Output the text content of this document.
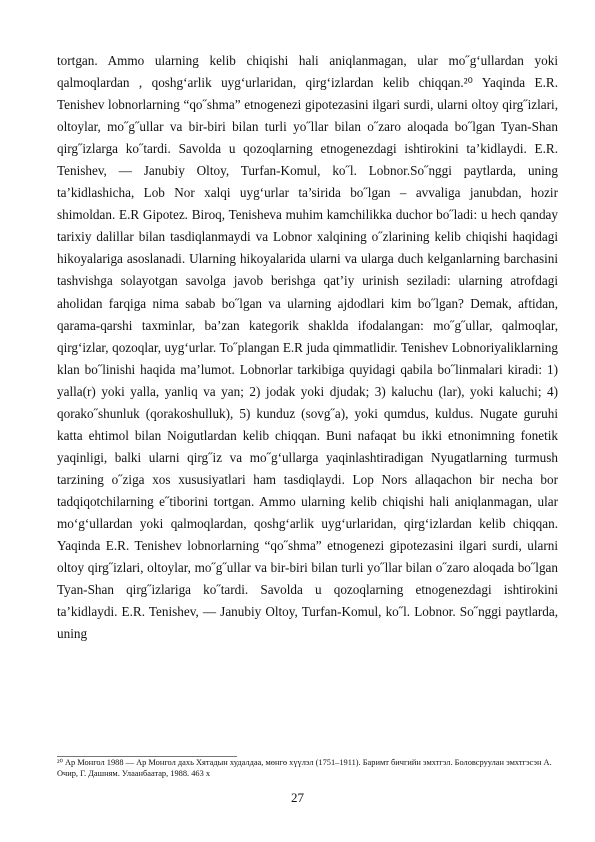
tortgan. Ammo ularning kelib chiqishi hali aniqlanmagan, ular mo˝g‘ullardan yoki qalmoqlardan , qoshg‘arlik uyg‘urlaridan, qirg‘izlardan kelib chiqqan.²⁰ Yaqinda E.R. Tenishev lobnorlarning “qo˝shma” etnogenezi gipotezasini ilgari surdi, ularni oltoy qirg˝izlari, oltoylar, mo˝g˝ullar va bir-biri bilan turli yo˝llar bilan o˝zaro aloqada bo˝lgan Tyan-Shan qirg˝izlarga ko˝tardi. Savolda u qozoqlarning etnogenezdagi ishtirokini ta’kidlaydi. E.R. Tenishev, — Janubiy Oltoy, Turfan-Komul, ko˝l. Lobnor.So˝nggi paytlarda, uning ta’kidlashicha, Lob Nor xalqi uyg‘urlar ta’sirida bo˝lgan – avvaliga janubdan, hozir shimoldan. E.R Gipotez. Biroq, Tenisheva muhim kamchilikka duchor bo˝ladi: u hech qanday tarixiy dalillar bilan tasdiqlanmaydi va Lobnor xalqining o˝zlarining kelib chiqishi haqidagi hikoyalariga asoslanadi. Ularning hikoyalarida ularni va ularga duch kelganlarning barchasini tashvishga solayotgan savolga javob berishga qat’iy urinish seziladi: ularning atrofdagi aholidan farqiga nima sabab bo˝lgan va ularning ajdodlari kim bo˝lgan? Demak, aftidan, qarama-qarshi taxminlar, ba’zan kategorik shaklda ifodalangan: mo˝g˝ullar, qalmoqlar, qirg‘izlar, qozoqlar, uyg‘urlar. To˝plangan E.R juda qimmatlidir. Tenishev Lobnoriyaliklarning klan bo˝linishi haqida ma’lumot. Lobnorlar tarkibiga quyidagi qabila bo˝linmalari kiradi: 1) yalla(r) yoki yalla, yanliq va yan; 2) jodak yoki djudak; 3) kaluchu (lar), yoki kaluchi; 4) qorako˝shunluk (qorakoshulluk), 5) kunduz (sovg˝a), yoki qumdus, kuldus. Nugate guruhi katta ehtimol bilan Noigutlardan kelib chiqqan. Buni nafaqat bu ikki etnonimning fonetik yaqinligi, balki ularni qirg˝iz va mo˝g‘ullarga yaqinlashtiradigan Nyugatlarning turmush tarzining o˝ziga xos xususiyatlari ham tasdiqlaydi. Lop Nors allaqachon bir necha bor tadqiqotchilarning e˝tiborini tortgan. Ammo ularning kelib chiqishi hali aniqlanmagan, ular mo‘g‘ullardan yoki qalmoqlardan, qoshg‘arlik uyg‘urlaridan, qirg‘izlardan kelib chiqqan. Yaqinda E.R. Tenishev lobnorlarning “qo˝shma” etnogenezi gipotezasini ilgari surdi, ularni oltoy qirg˝izlari, oltoylar, mo˝g˝ullar va bir-biri bilan turli yo˝llar bilan o˝zaro aloqada bo˝lgan Tyan-Shan qirg˝izlariga ko˝tardi. Savolda u qozoqlarning etnogenezdagi ishtirokini ta’kidlaydi. E.R. Tenishev, — Janubiy Oltoy, Turfan-Komul, ko˝l. Lobnor. So˝nggi paytlarda, uning

²⁰ Ар Монгол 1988 — Ар Монгол дахь Хятадын худалдаа, мөнгө хүүлэл (1751–1911). Баримт бичгийн эмхтгэл. Боловсруулан эмхтгэсэн А. Очир, Г. Дашням. Улаанбаатар, 1988. 463 х
27
